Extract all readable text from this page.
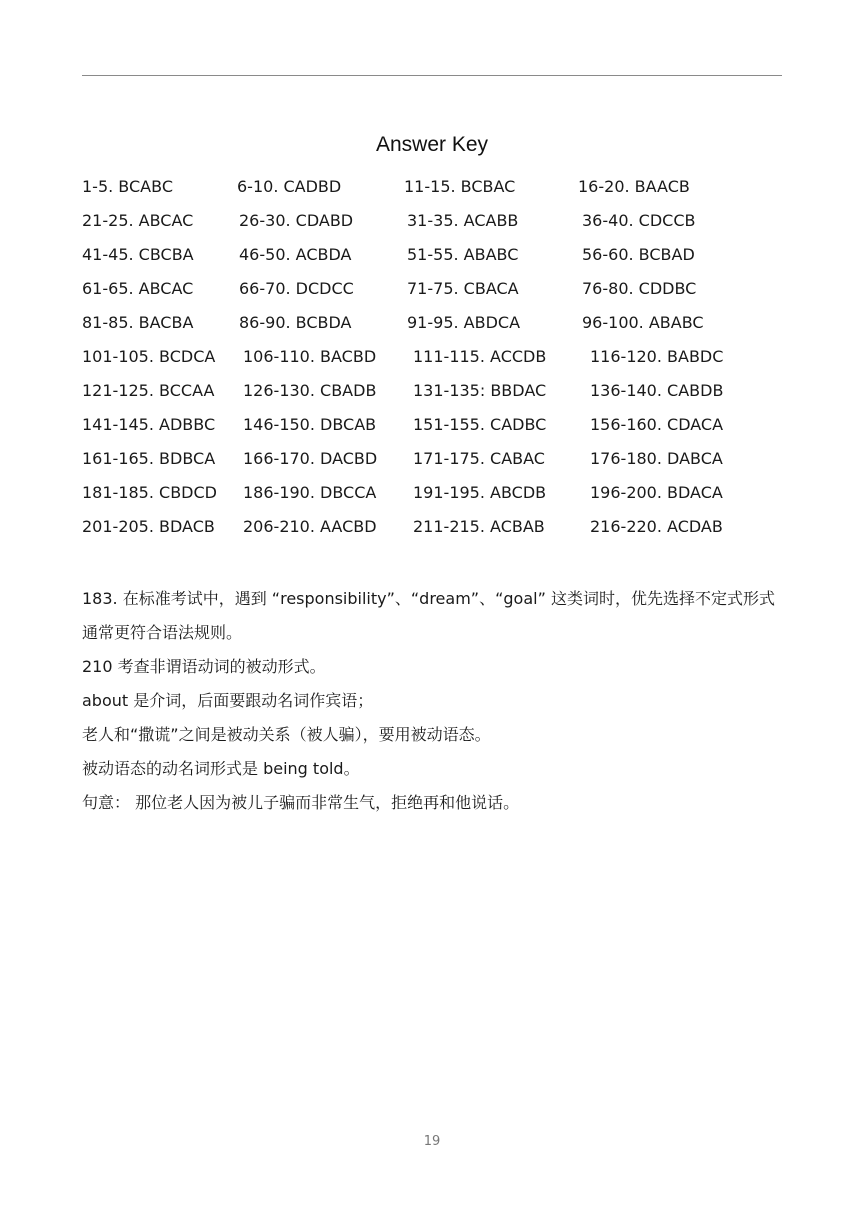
Answer Key
1-5. BCABC	6-10. CADBD	11-15. BCBAC	16-20. BAACB
21-25. ABCAC	26-30. CDABD	31-35. ACABB	36-40. CDCCB
41-45. CBCBA	46-50. ACBDA	51-55. ABABC	56-60. BCBAD
61-65. ABCAC	66-70. DCDCC	71-75. CBACA	76-80. CDDBC
81-85. BACBA	86-90. BCBDA	91-95. ABDCA	96-100. ABABC
101-105. BCDCA 106-110. BACBD 111-115. ACCDB	116-120. BABDC
121-125. BCCAA 126-130. CBADB 131-135: BBDAC	136-140. CABDB
141-145. ADBBC 146-150. DBCAB 151-155. CADBC	156-160. CDACA
161-165. BDBCA 166-170. DACBD 171-175. CABAC	176-180. DABCA
181-185. CBDCD 186-190. DBCCA 191-195. ABCDB	196-200. BDACA
201-205. BDACB 206-210. AACBD 211-215. ACBAB	216-220. ACDAB

183. 在标准考试中，遇到 “responsibility”、“dream”、“goal” 这类词时，优先选择不定式形式

通常更符合语法规则。

210 考查非谓语动词的被动形式。

about 是介词，后面要跟动名词作宾语；

老人和“撒谎”之间是被动关系（被人骗），要用被动语态。

被动语态的动名词形式是 being told。

句意： 那位老人因为被儿子骗而非常生气，拒绝再和他说话。

19
